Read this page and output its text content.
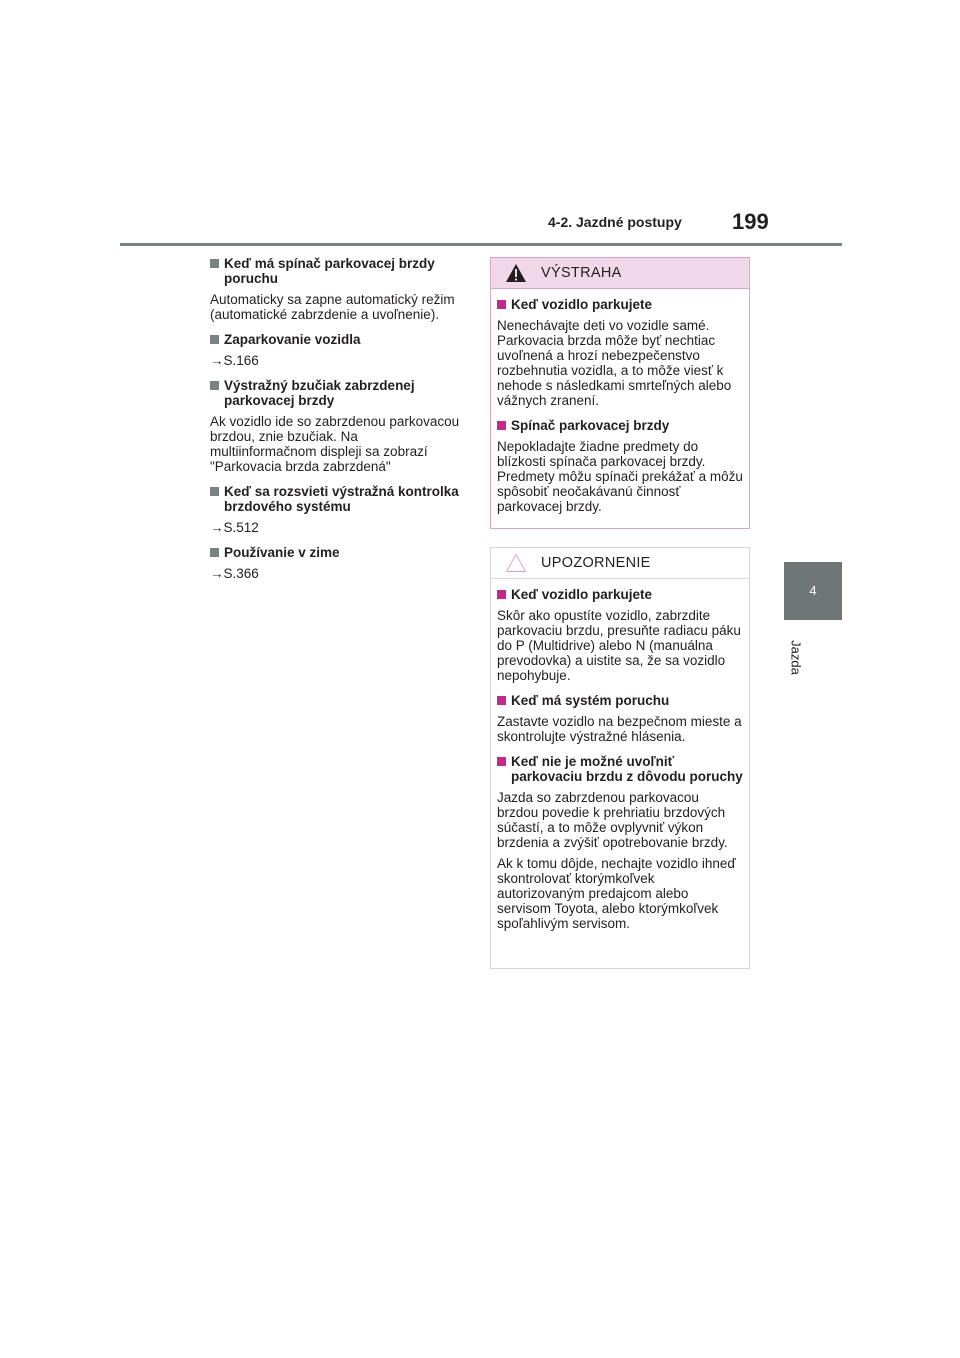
4-2. Jazdné postupy 199
4
Jazda
Keď má spínač parkovacej brzdy poruchu

Automaticky sa zapne automatický režim (automatické zabrzdenie a uvoľnenie).

Zaparkovanie vozidla

→S.166

Výstražný bzučiak zabrzdenej parkovacej brzdy

Ak vozidlo ide so zabrzdenou parkovacou brzdou, znie bzučiak. Na multiinformačnom displeji sa zobrazí "Parkovacia brzda zabrzdená"

Keď sa rozsvieti výstražná kontrolka brzdového systému

→S.512

Používanie v zime

→S.366

VÝSTRAHA
Keď vozidlo parkujete

Nenechávajte deti vo vozidle samé. Parkovacia brzda môže byť nechtiac uvoľnená a hrozí nebezpečenstvo rozbehnutia vozidla, a to môže viesť k nehode s následkami smrteľných alebo vážnych zranení.

Spínač parkovacej brzdy

Nepokladajte žiadne predmety do blízkosti spínača parkovacej brzdy. Predmety môžu spínači prekážať a môžu spôsobiť neočakávanú činnosť parkovacej brzdy.

UPOZORNENIE
Keď vozidlo parkujete

Skôr ako opustíte vozidlo, zabrzdite parkovaciu brzdu, presuňte radiacu páku do P (Multidrive) alebo N (manuálna prevodovka) a uistite sa, že sa vozidlo nepohybuje.

Keď má systém poruchu

Zastavte vozidlo na bezpečnom mieste a skontrolujte výstražné hlásenia.

Keď nie je možné uvoľniť parkovaciu brzdu z dôvodu poruchy

Jazda so zabrzdenou parkovacou brzdou povedie k prehriatiu brzdových súčastí, a to môže ovplyvniť výkon brzdenia a zvýšiť opotrebovanie brzdy.

Ak k tomu dôjde, nechajte vozidlo ihneď skontrolovať ktorýmkoľvek autorizovaným predajcom alebo servisom Toyota, alebo ktorýmkoľvek spoľahlivým servisom.
